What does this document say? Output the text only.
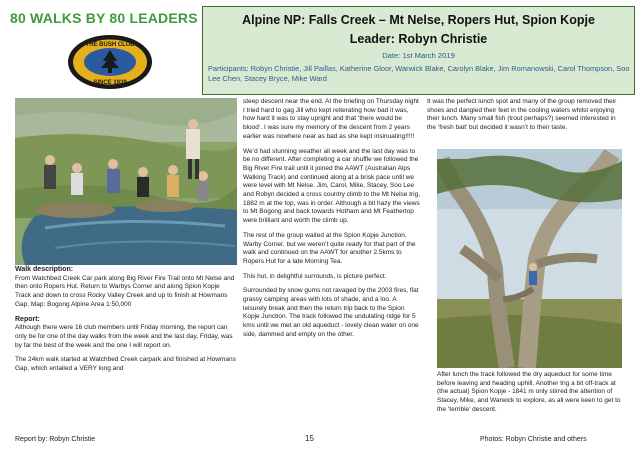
80 WALKS BY 80 LEADERS
THE BUSH CLUB
SINCE 1939
Alpine NP: Falls Creek – Mt Nelse, Ropers Hut, Spion Kopje
Leader: Robyn Christie
Date: 1st March 2019
Participants: Robyn Christie, Jill Paillas, Katherine Gloor, Warwick Blake, Carolyn Blake, Jim Romanowski, Carol Thompson, Soo Lee Chen, Stacey Bryce, Mike Ward
Walk description:

From Watchbed Creek Car park along Big River Fire Trail onto Mt Nelse and then onto Ropers Hut. Return to Warbys Corner and along Spion Kopje Track and down to cross Rocky Valley Creek and up to finish at Howmans Gap. Map: Bogong Alpine Area 1:50,000

Report:

Although there were 16 club members until Friday morning, the report can only be for one of the day walks from the week and the last day, Friday, was by far the best of the week and the one I will report on.

The 24km walk started at Watchbed Creek carpark and finished at Howmans Gap, which entailed a VERY long and

steep descent near the end. At the briefing on Thursday night I tried hard to gag Jill who kept reiterating how bad it was, how hard it was to stay upright and that ‘there would be blood’. I was sure my memory of the descent from 2 years earlier was nowhere near as bad as she kept insinuating!!!!!

We’d had stunning weather all week and the last day was to be no different. After completing a car shuffle we followed the Big River Fire trail until it joined the AAWT (Australian Alps Walking Track) and continued along at a brisk pace until we were level with Mt Nelse. Jim, Carol, Mike, Stacey, Soo Lee and Robyn decided a cross country climb to the Mt Nelse trig, 1882 m at the top, was in order. Although a bit hazy the views to Mt Bogong and back towards Hotham and Mt Feathertop were brilliant and worth the climb up.

The rest of the group waited at the Spion Kopje Junction, Warby Corner, but we weren’t quite ready for that part of the walk and continued on the AAWT for another 2.5kms to Ropers Hut for a late Morning Tea.

This hut, in delightful surrounds, is picture perfect.

Surrounded by snow gums not ravaged by the 2003 fires, flat grassy camping areas with lots of shade, and a loo. A leisurely break and then the return trip back to the Spion Kopje Junction. The track followed the undulating ridge for 5 kms until we met an old aqueduct - lovely clean water on one side, dammed and empty on the other.

It was the perfect lunch spot and many of the group removed their shoes and dangled their feet in the cooling waters whilst enjoying their lunch. Many small fish (trout perhaps?) seemed interested in the ‘fresh bait’ but decided it wasn’t to their taste.

After lunch the track followed the dry aqueduct for some time before leaving and heading uphill. Another trig a bit off-track at (the actual) Spion Kopje - 1841 m only stirred the attention of Stacey, Mike, and Warwick to explore, as all were keen to get to the ‘terrible’ descent.

Report by: Robyn Christie	15	Photos: Robyn Christie and others
